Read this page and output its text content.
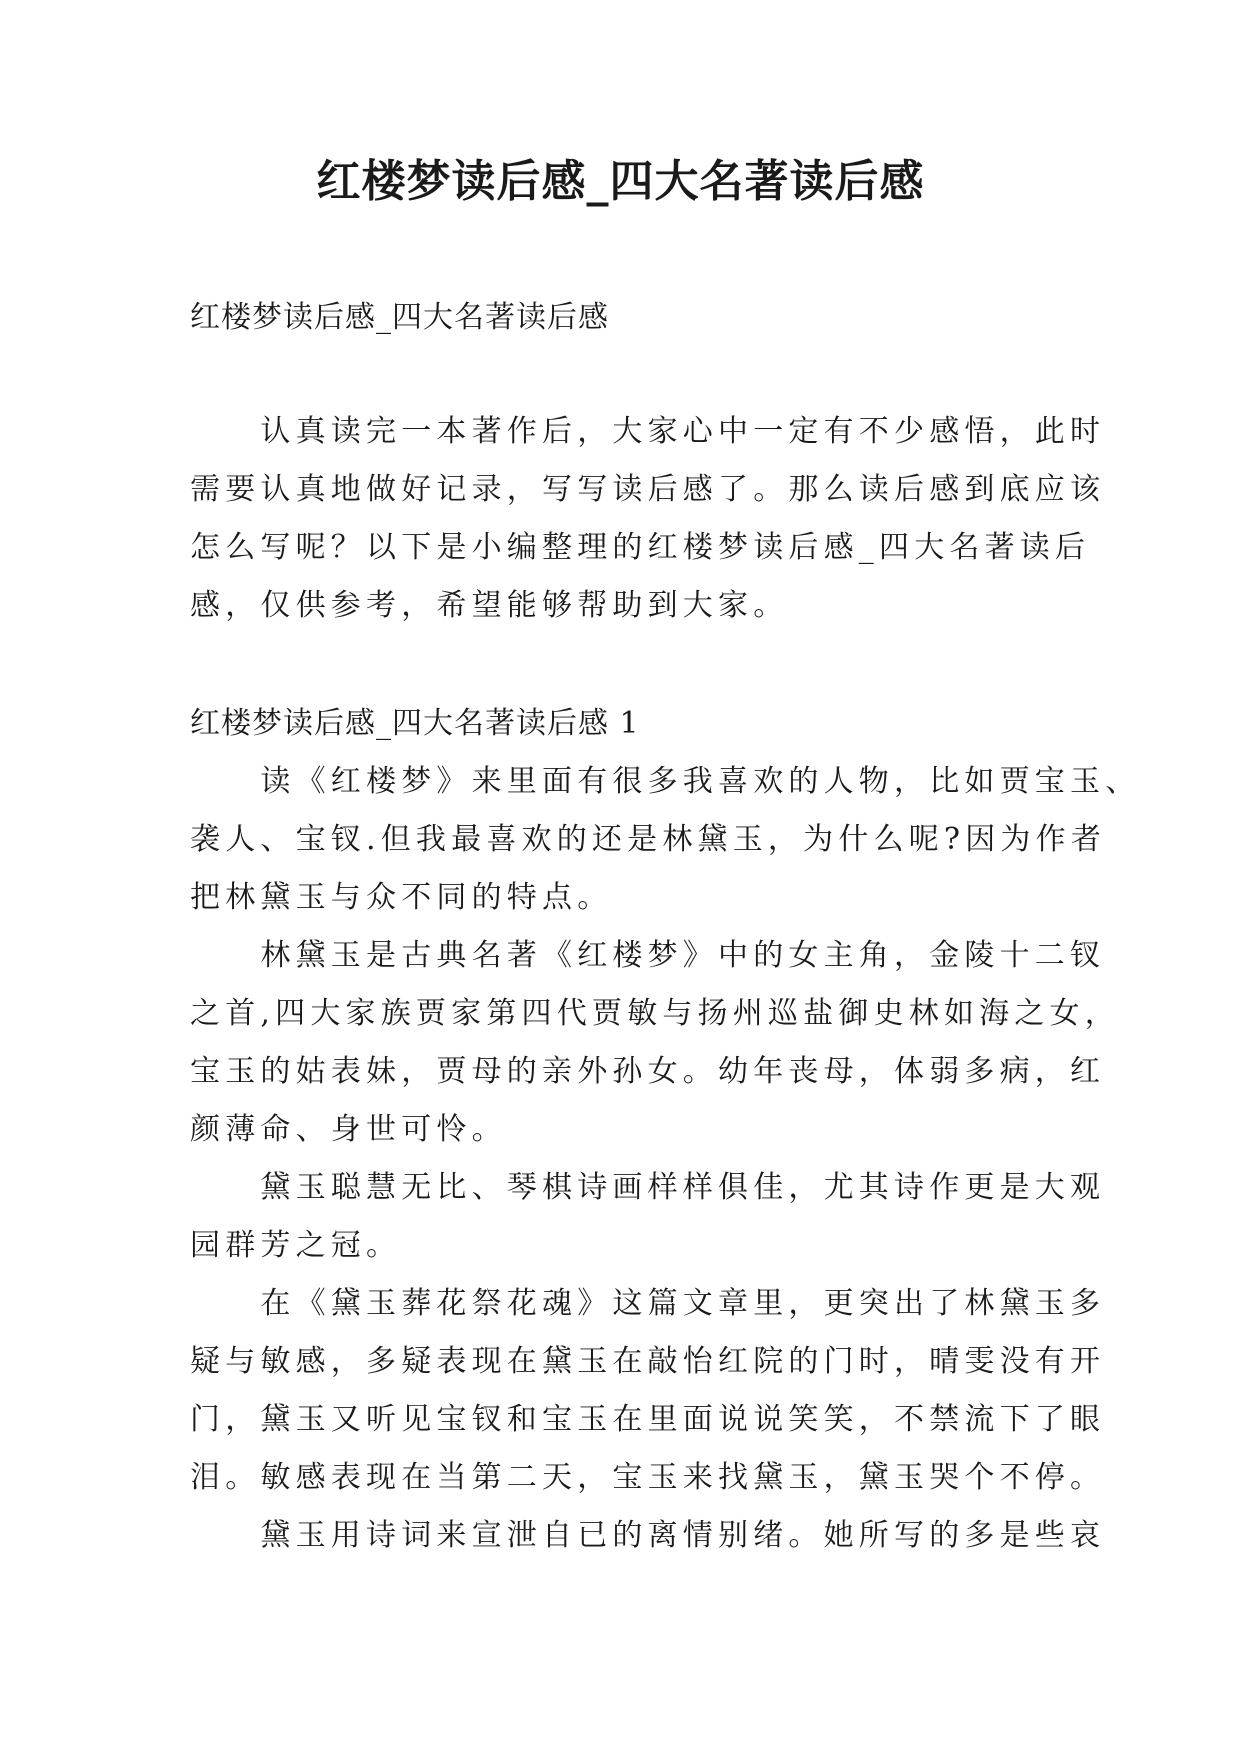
红楼梦读后感_四大名著读后感

红楼梦读后感_四大名著读后感

　　认真读完一本著作后，大家心中一定有不少感悟，此时

需要认真地做好记录，写写读后感了。那么读后感到底应该

怎么写呢？以下是小编整理的红楼梦读后感_四大名著读后

感，仅供参考，希望能够帮助到大家。

红楼梦读后感_四大名著读后感 1

　　读《红楼梦》来里面有很多我喜欢的人物，比如贾宝玉、

袭人、宝钗.但我最喜欢的还是林黛玉，为什么呢?因为作者

把林黛玉与众不同的特点。

　　林黛玉是古典名著《红楼梦》中的女主角，金陵十二钗

之首,四大家族贾家第四代贾敏与扬州巡盐御史林如海之女，

宝玉的姑表妹，贾母的亲外孙女。幼年丧母，体弱多病，红

颜薄命、身世可怜。

　　黛玉聪慧无比、琴棋诗画样样俱佳，尤其诗作更是大观

园群芳之冠。

　　在《黛玉葬花祭花魂》这篇文章里，更突出了林黛玉多

疑与敏感，多疑表现在黛玉在敲怡红院的门时，晴雯没有开

门，黛玉又听见宝钗和宝玉在里面说说笑笑，不禁流下了眼

泪。敏感表现在当第二天，宝玉来找黛玉，黛玉哭个不停。

　　黛玉用诗词来宣泄自已的离情别绪。她所写的多是些哀
